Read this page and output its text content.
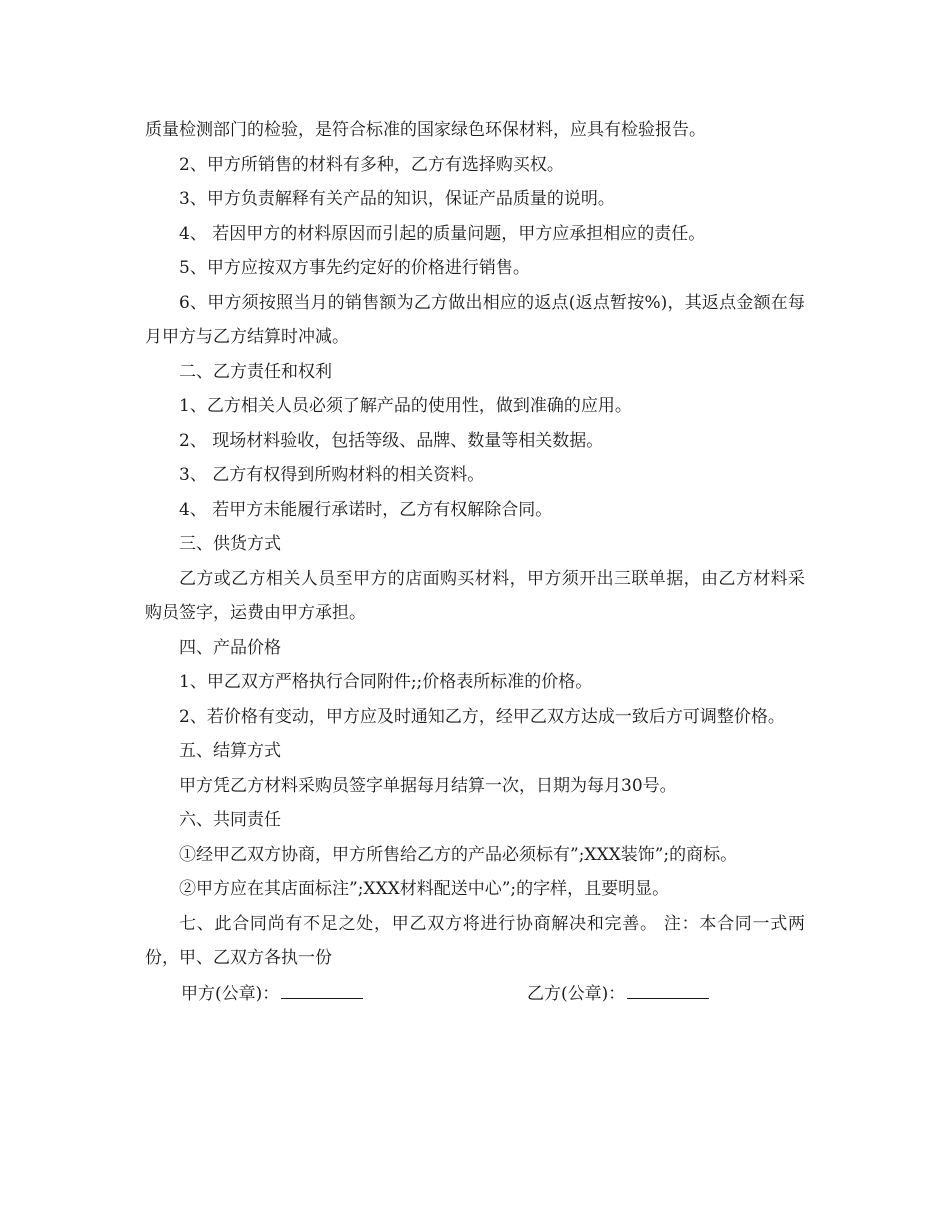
质量检测部门的检验，是符合标准的国家绿色环保材料，应具有检验报告。

2、甲方所销售的材料有多种，乙方有选择购买权。

3、甲方负责解释有关产品的知识，保证产品质量的说明。

4、 若因甲方的材料原因而引起的质量问题，甲方应承担相应的责任。

5、甲方应按双方事先约定好的价格进行销售。

6、甲方须按照当月的销售额为乙方做出相应的返点(返点暂按%)，其返点金额在每月甲方与乙方结算时冲减。

二、乙方责任和权利

1、乙方相关人员必须了解产品的使用性，做到准确的应用。

2、 现场材料验收，包括等级、品牌、数量等相关数据。

3、 乙方有权得到所购材料的相关资料。

4、 若甲方未能履行承诺时，乙方有权解除合同。

三、供货方式

乙方或乙方相关人员至甲方的店面购买材料，甲方须开出三联单据，由乙方材料采购员签字，运费由甲方承担。

四、产品价格

1、甲乙双方严格执行合同附件;;价格表所标准的价格。

2、若价格有变动，甲方应及时通知乙方，经甲乙双方达成一致后方可调整价格。

五、结算方式

甲方凭乙方材料采购员签字单据每月结算一次，日期为每月30号。

六、共同责任

①经甲乙双方协商，甲方所售给乙方的产品必须标有”;XXX装饰”;的商标。

②甲方应在其店面标注”;XXX材料配送中心”;的字样，且要明显。

七、此合同尚有不足之处，甲乙双方将进行协商解决和完善。 注：本合同一式两份，甲、乙双方各执一份

甲方(公章)：	乙方(公章)：
